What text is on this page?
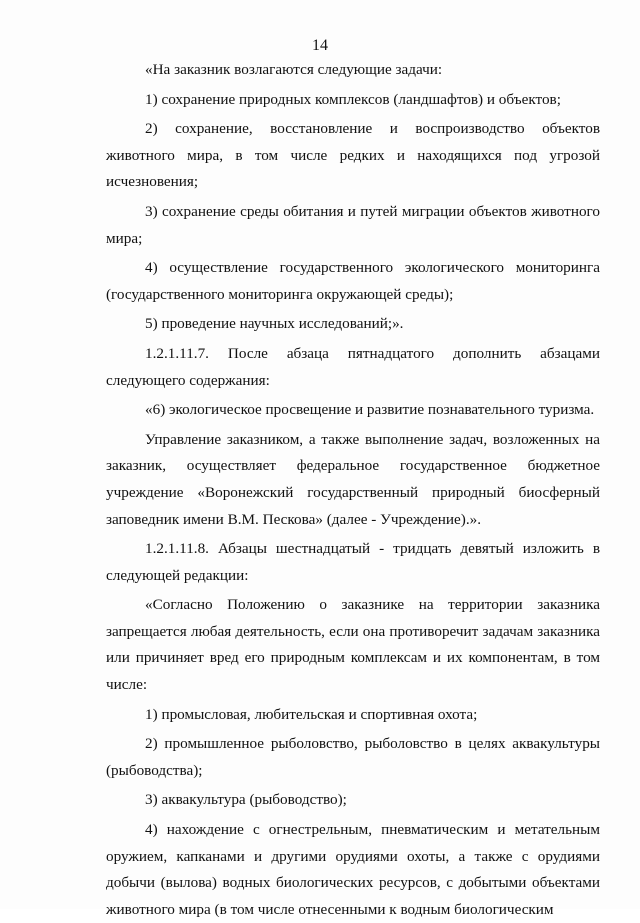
14

«На заказник возлагаются следующие задачи:

1) сохранение природных комплексов (ландшафтов) и объектов;

2) сохранение, восстановление и воспроизводство объектов животного мира, в том числе редких и находящихся под угрозой исчезновения;

3) сохранение среды обитания и путей миграции объектов животного мира;

4) осуществление государственного экологического мониторинга (государственного мониторинга окружающей среды);

5) проведение научных исследований;».

1.2.1.11.7. После абзаца пятнадцатого дополнить абзацами следующего содержания:

«6) экологическое просвещение и развитие познавательного туризма.

Управление заказником, а также выполнение задач, возложенных на заказник, осуществляет федеральное государственное бюджетное учреждение «Воронежский государственный природный биосферный заповедник имени В.М. Пескова» (далее - Учреждение).».

1.2.1.11.8. Абзацы шестнадцатый - тридцать девятый изложить в следующей редакции:

«Согласно Положению о заказнике на территории заказника запрещается любая деятельность, если она противоречит задачам заказника или причиняет вред его природным комплексам и их компонентам, в том числе:

1) промысловая, любительская и спортивная охота;

2) промышленное рыболовство, рыболовство в целях аквакультуры (рыбоводства);

3) аквакультура (рыбоводство);

4) нахождение с огнестрельным, пневматическим и метательным оружием, капканами и другими орудиями охоты, а также с орудиями добычи (вылова) водных биологических ресурсов, с добытыми объектами животного мира (в том числе отнесенными к водным биологическим
